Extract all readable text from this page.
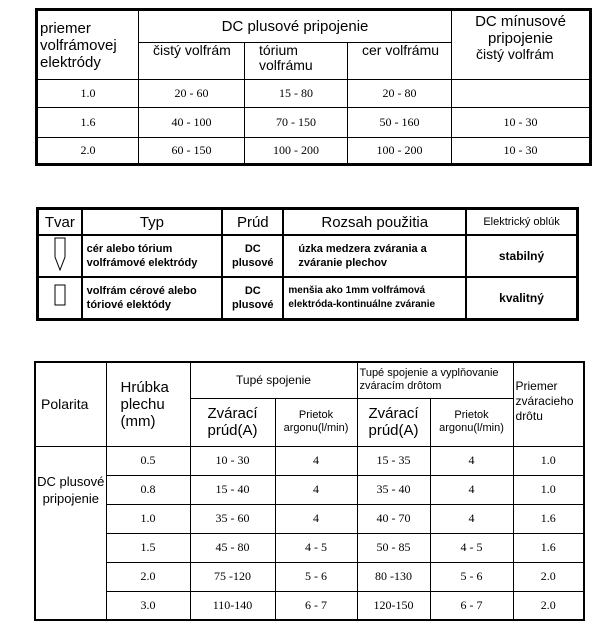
priemer volfrámovej elektródy	DC plusové pripojenie			DC mínusové pripojenie
čistý volfrám

	čistý volfrám	tórium volfrámu	cer volfrámu	
1.0	20 - 60	15 - 80	20 - 80	
1.6	40 - 100	70 - 150	50 - 160	10 - 30
2.0	60 - 150	100 - 200	100 - 200	10 - 30
Tvar	Typ	Prúd	Rozsah použitia	Elektrický oblúk
	cér alebo tórium volfrámové elektródy	DC plusové	úzka medzera zvárania a zváranie plechov	stabilný
	volfrám cérové alebo tóriové elektódy	DC plusové	menšia ako 1mm volfrámová elektróda-kontinuálne zváranie	kvalitný
Polarita	Hrúbka plechu (mm)	Tupé spojenie		Tupé spojenie a vyplňovanie zváracím drôtom		Priemer zváracieho drôtu
		Zvárací prúd(A)	Prietok argonu(l/min)	Zvárací prúd(A)	Prietok argonu(l/min)	
DC plusové pripojenie	0.5	10 - 30	4	15 - 35	4	1.0
	0.8	15 - 40	4	35 - 40	4	1.0
	1.0	35 - 60	4	40 - 70	4	1.6
	1.5	45 - 80	4 - 5	50 - 85	4 - 5	1.6
	2.0	75 -120	5 - 6	80 -130	5 - 6	2.0
	3.0	110-140	6 - 7	120-150	6 - 7	2.0
